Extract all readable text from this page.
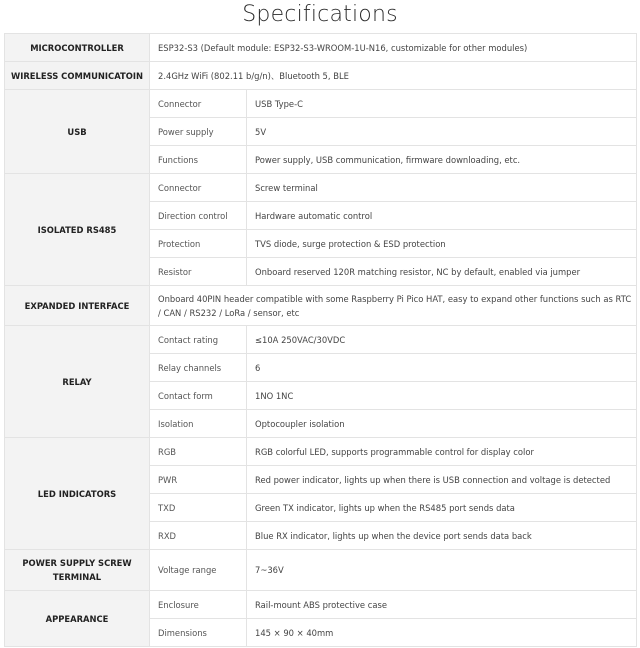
Specifications
MICROCONTROLLER	ESP32-S3 (Default module: ESP32-S3-WROOM-1U-N16, customizable for other modules)	
WIRELESS COMMUNICATOIN	2.4GHz WiFi (802.11 b/g/n)、Bluetooth 5, BLE	
USB	Connector	USB Type-C
	Power supply	5V
	Functions	Power supply, USB communication, firmware downloading, etc.
ISOLATED RS485	Connector	Screw terminal
	Direction control	Hardware automatic control
	Protection	TVS diode, surge protection & ESD protection
	Resistor	Onboard reserved 120R matching resistor, NC by default, enabled via jumper
EXPANDED INTERFACE	Onboard 40PIN header compatible with some Raspberry Pi Pico HAT, easy to expand other functions such as RTC / CAN / RS232 / LoRa / sensor, etc	
RELAY	Contact rating	≤10A 250VAC/30VDC
	Relay channels	6
	Contact form	1NO 1NC
	Isolation	Optocoupler isolation
LED INDICATORS	RGB	RGB colorful LED, supports programmable control for display color
	PWR	Red power indicator, lights up when there is USB connection and voltage is detected
	TXD	Green TX indicator, lights up when the RS485 port sends data
	RXD	Blue RX indicator, lights up when the device port sends data back
POWER SUPPLY SCREW TERMINAL	Voltage range	7~36V
APPEARANCE	Enclosure	Rail-mount ABS protective case
	Dimensions	145 × 90 × 40mm
